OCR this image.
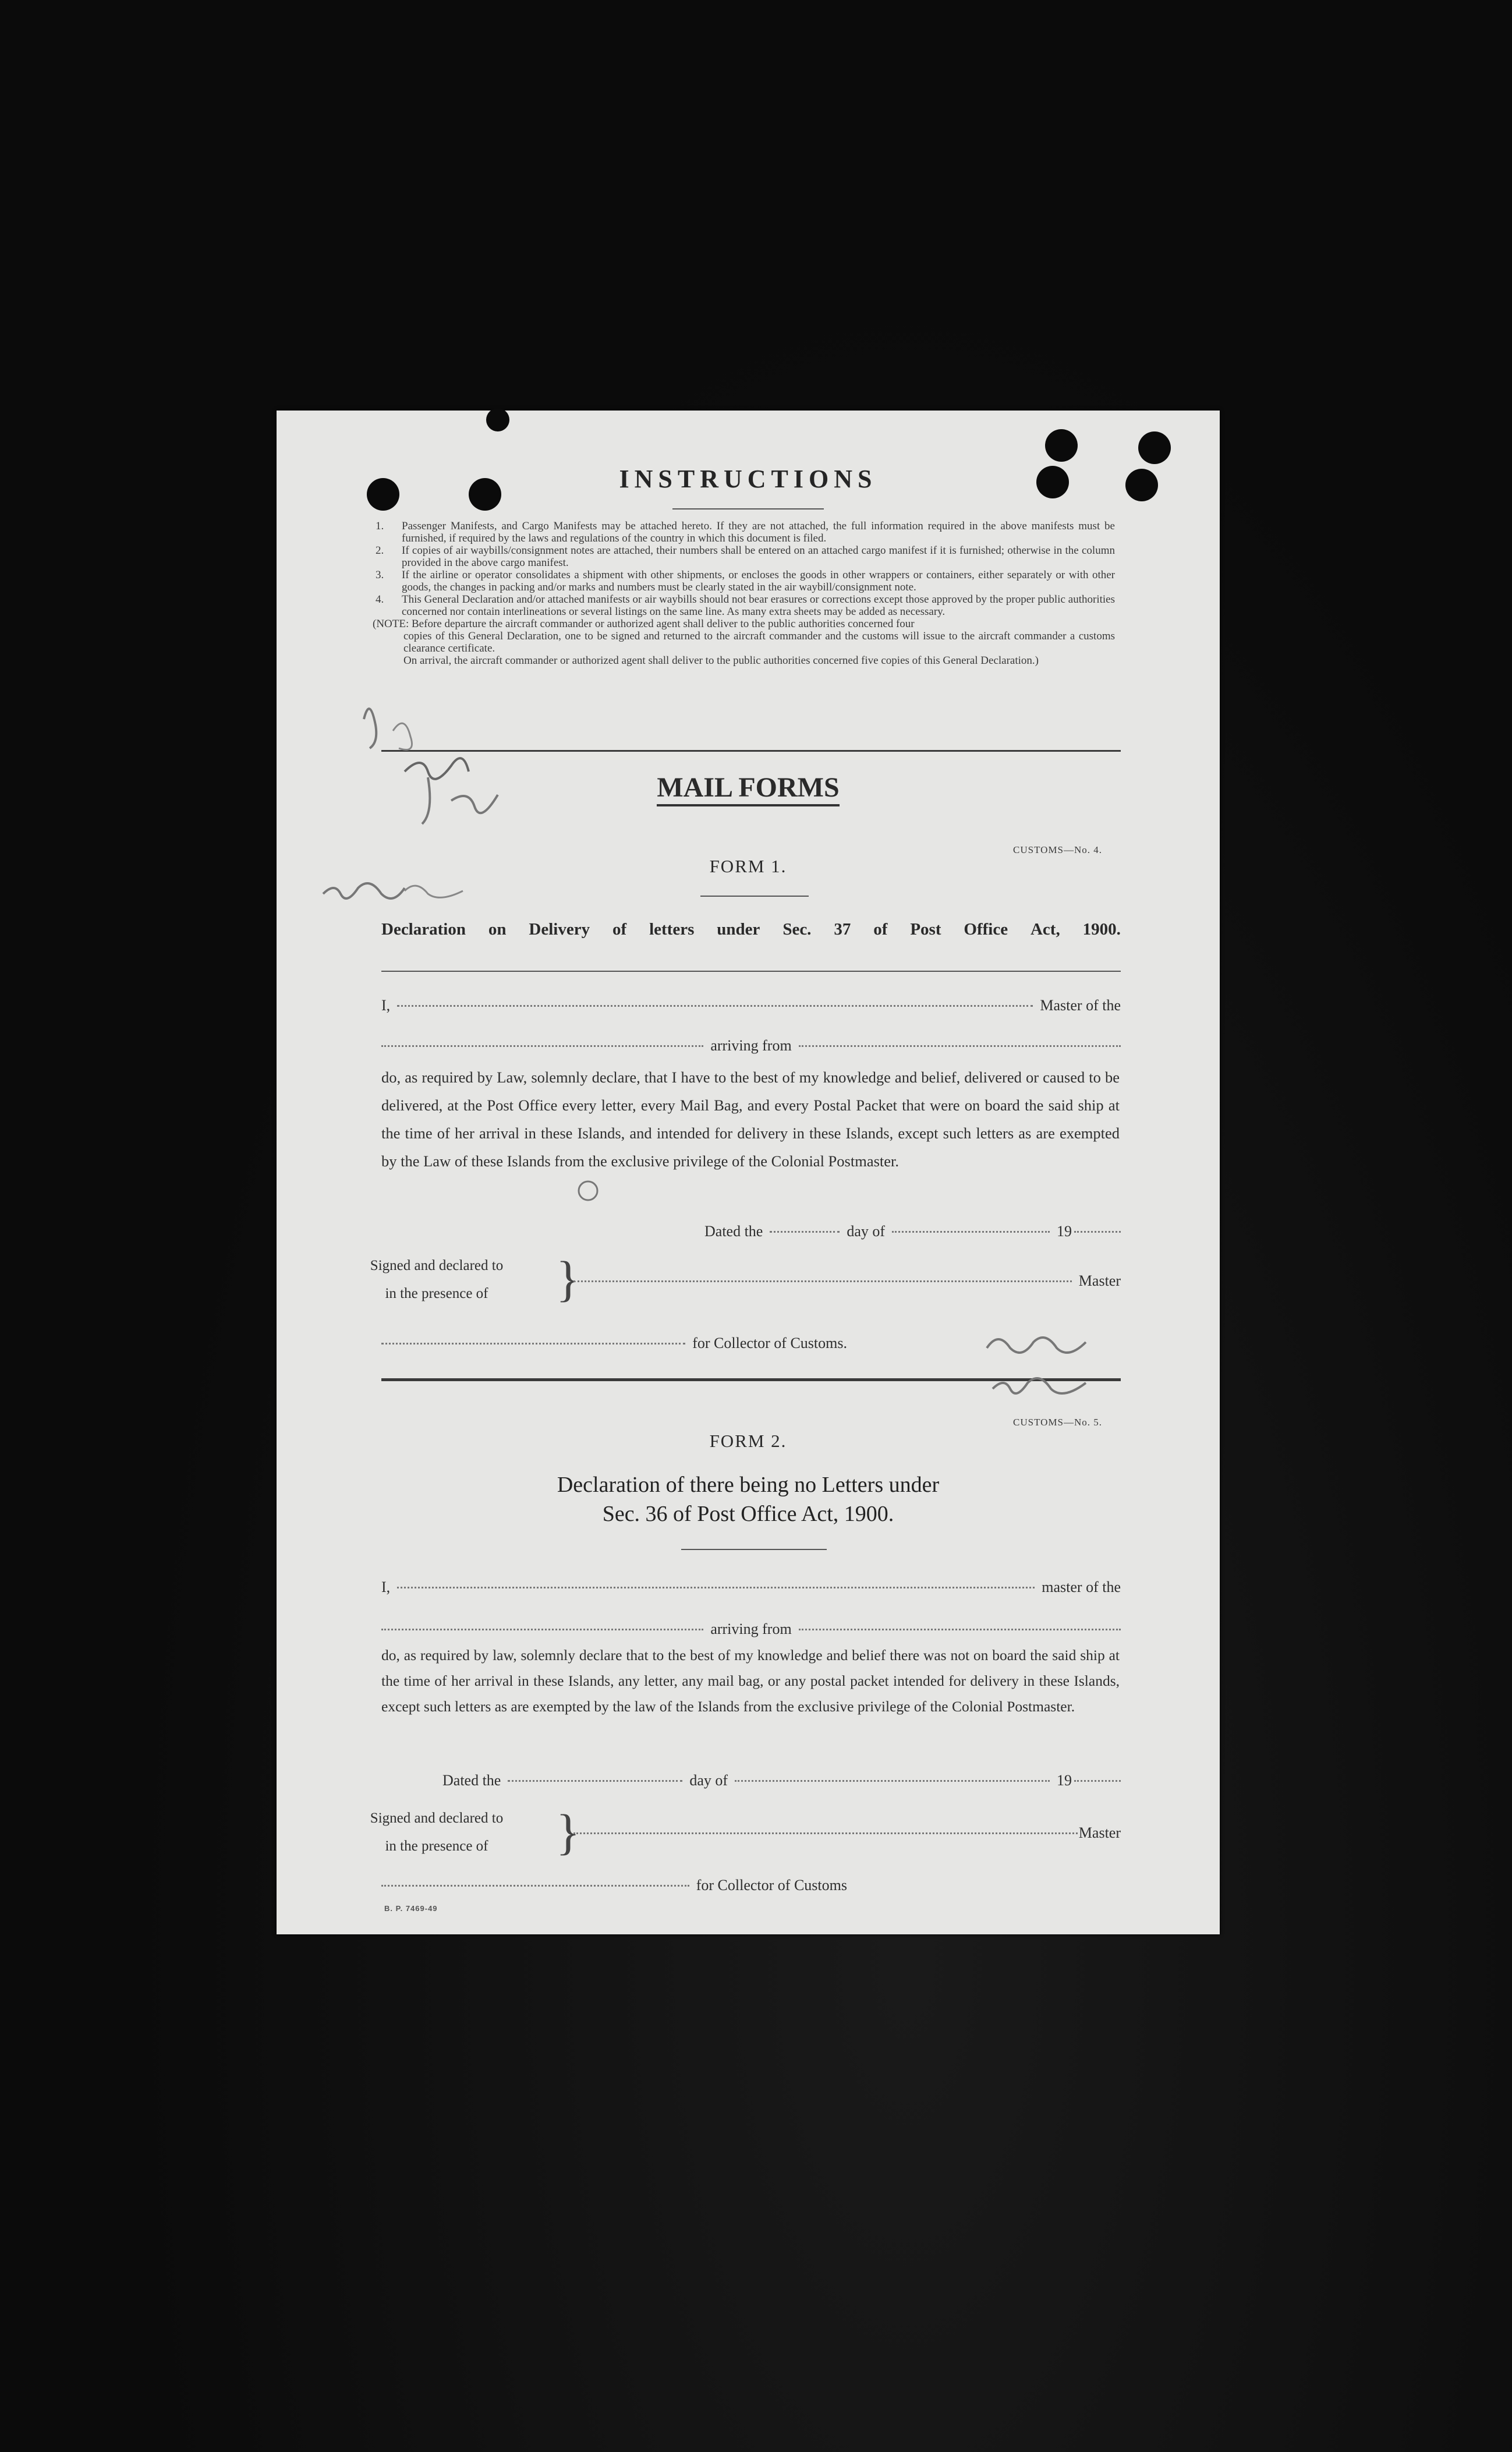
INSTRUCTIONS
1.	Passenger Manifests, and Cargo Manifests may be attached hereto. If they are not attached, the full information required in the above manifests must be furnished, if required by the laws and regulations of the country in which this document is filed.
2.	If copies of air waybills/consignment notes are attached, their numbers shall be entered on an attached cargo manifest if it is furnished; otherwise in the column provided in the above cargo manifest.
3.	If the airline or operator consolidates a shipment with other shipments, or encloses the goods in other wrappers or containers, either separately or with other goods, the changes in packing and/or marks and numbers must be clearly stated in the air waybill/consignment note.
4.	This General Declaration and/or attached manifests or air waybills should not bear erasures or corrections except those approved by the proper public authorities concerned nor contain interlineations or several listings on the same line. As many extra sheets may be added as necessary.
(NOTE: Before departure the aircraft commander or authorized agent shall deliver to the public authorities concerned four
copies of this General Declaration, one to be signed and returned to the aircraft commander and the customs will issue to the aircraft commander a customs clearance certificate.
On arrival, the aircraft commander or authorized agent shall deliver to the public authorities concerned five copies of this General Declaration.)
MAIL FORMS
CUSTOMS—No. 4.
FORM 1.
Declaration on Delivery of letters under Sec. 37 of Post Office Act, 1900.
I,	Master of the
arriving from
do, as required by Law, solemnly declare, that I have to the best of my knowledge and belief, delivered or caused to be delivered, at the Post Office every letter, every Mail Bag, and every Postal Packet that were on board the said ship at the time of her arrival in these Islands, and intended for delivery in these Islands, except such letters as are exempted by the Law of these Islands from the exclusive privilege of the Colonial Postmaster.
Dated the	day of	19
Signed and declared to
in the presence of	}	Master
for Collector of Customs.
CUSTOMS—No. 5.
FORM 2.
Declaration of there being no Letters under
Sec. 36 of Post Office Act, 1900.
I,	master of the
arriving from
do, as required by law, solemnly declare that to the best of my knowledge and belief there was not on board the said ship at the time of her arrival in these Islands, any letter, any mail bag, or any postal packet intended for delivery in these Islands, except such letters as are exempted by the law of the Islands from the exclusive privilege of the Colonial Postmaster.
Dated the	day of	19
Signed and declared to
in the presence of	}	Master
for Collector of Customs
B. P. 7469-49
